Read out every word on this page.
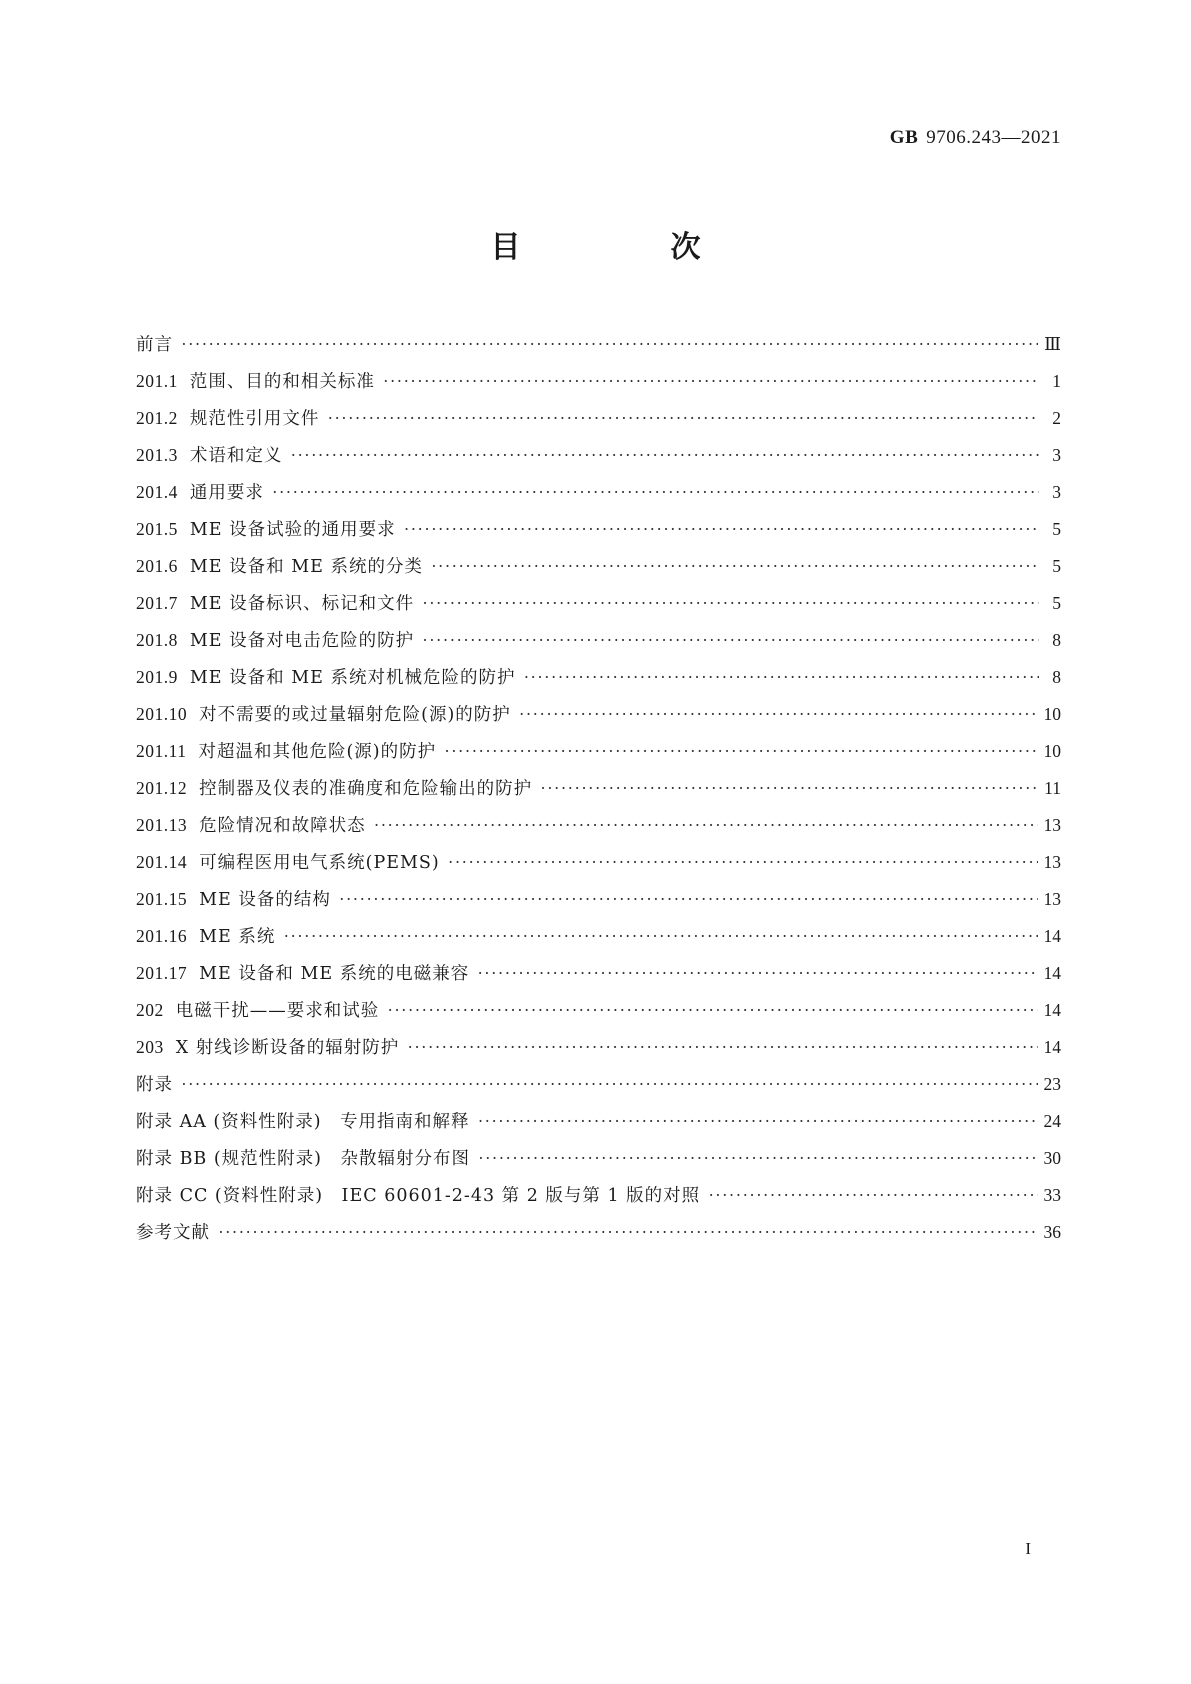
GB 9706.243—2021
目　次
前言 ·····	Ⅲ
201.1 范围、目的和相关标准 ·····	1
201.2 规范性引用文件 ·····	2
201.3 术语和定义 ·····	3
201.4 通用要求 ·····	3
201.5 ME 设备试验的通用要求 ·····	5
201.6 ME 设备和 ME 系统的分类 ·····	5
201.7 ME 设备标识、标记和文件 ·····	5
201.8 ME 设备对电击危险的防护 ·····	8
201.9 ME 设备和 ME 系统对机械危险的防护 ·····	8
201.10 对不需要的或过量辐射危险(源)的防护 ·····	10
201.11 对超温和其他危险(源)的防护 ·····	10
201.12 控制器及仪表的准确度和危险输出的防护 ·····	11
201.13 危险情况和故障状态 ·····	13
201.14 可编程医用电气系统(PEMS) ·····	13
201.15 ME 设备的结构 ·····	13
201.16 ME 系统 ·····	14
201.17 ME 设备和 ME 系统的电磁兼容 ·····	14
202 电磁干扰——要求和试验 ·····	14
203 X 射线诊断设备的辐射防护 ·····	14
附录 ·····	23
附录 AA (资料性附录)　专用指南和解释 ·····	24
附录 BB (规范性附录)　杂散辐射分布图 ·····	30
附录 CC (资料性附录)　IEC 60601-2-43 第 2 版与第 1 版的对照 ·····	33
参考文献 ·····	36
I
